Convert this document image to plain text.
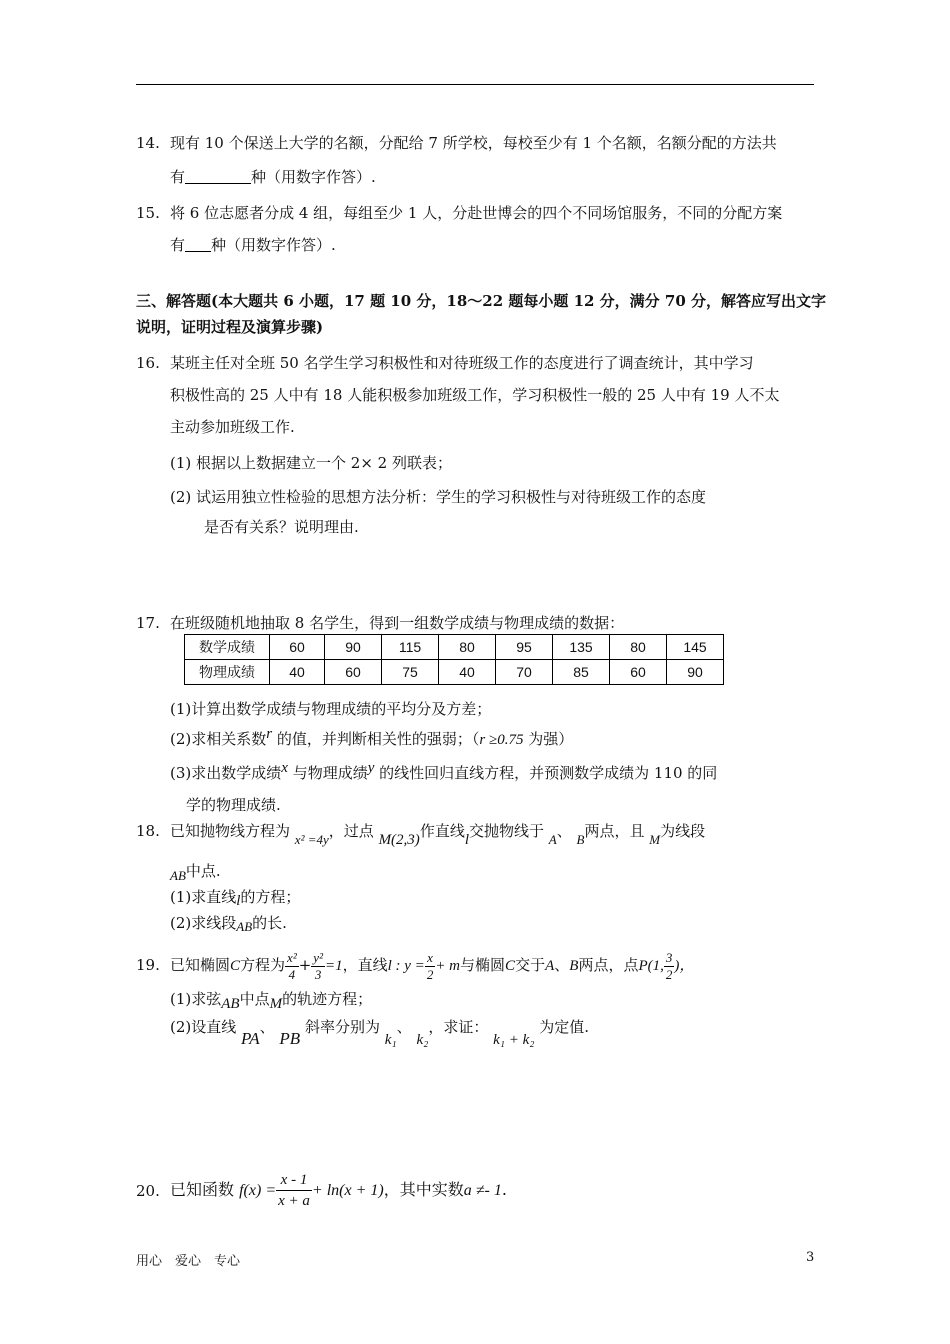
14. 现有 10 个保送上大学的名额，分配给 7 所学校，每校至少有 1 个名额，名额分配的方法共
有	种（用数字作答）.
15. 将 6 位志愿者分成 4 组，每组至少 1 人，分赴世博会的四个不同场馆服务，不同的分配方案
有 种（用数字作答）.
三、解答题(本大题共 6 小题，17 题 10 分，18～22 题每小题 12 分，满分 70 分，解答应写出文字
说明，证明过程及演算步骤)
16. 某班主任对全班 50 名学生学习积极性和对待班级工作的态度进行了调查统计，其中学习
积极性高的 25 人中有 18 人能积极参加班级工作，学习积极性一般的 25 人中有 19 人不太
主动参加班级工作.
(1) 根据以上数据建立一个 2× 2 列联表；
(2) 试运用独立性检验的思想方法分析：学生的学习积极性与对待班级工作的态度
是否有关系？说明理由.
17. 在班级随机地抽取 8 名学生，得到一组数学成绩与物理成绩的数据：
数学成绩	60	90	115	80	95	135	80	145
物理成绩	40	60	75	40	70	85	60	90
(1)计算出数学成绩与物理成绩的平均分及方差；
(2)求相关系数r 的值，并判断相关性的强弱；（r ≥0.75 为强）
(3)求出数学成绩x 与物理成绩y 的线性回归直线方程，并预测数学成绩为 110 的同
学的物理成绩.
18. 已知抛物线方程为 x² =4y，过点 M(2,3)作直线l交抛物线于 A、 B两点，且 M为线段
AB中点.
(1)求直线l的方程；
(2)求线段AB的长.
19. 已知椭圆C方程为 $\frac{\text{x²}}{4} + \frac{\text{y²}}{3} =1$，直线l : $y = \frac{x}{2} + m$与椭圆C交于A、B两点，点P(1, $\frac{3}{2}$ )，
(1)求弦AB中点M的轨迹方程；
(2)设直线 PA、 PB 斜率分别为 k₁、 k₂，求证： k₁ + k₂ 为定值.
20. 已知函数 $f(x) = \frac{x - 1}{x + a} + \ln(x + 1)$，其中实数a ≠- 1.
用心　爱心　专心	3
